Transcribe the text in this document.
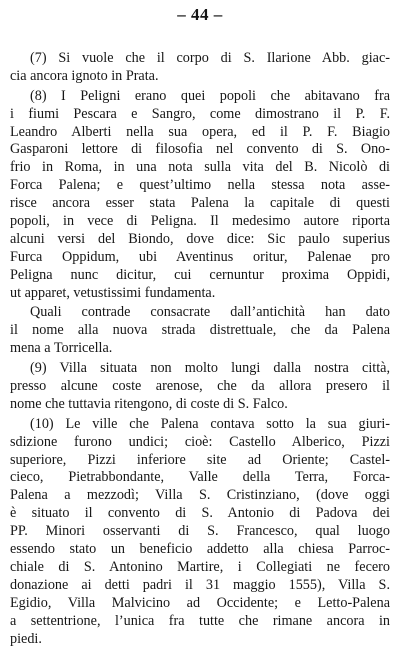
– 44 –
(7) Si vuole che il corpo di S. Ilarione Abb. giac-
cia ancora ignoto in Prata.
(8) I Peligni erano quei popoli che abitavano fra
i fiumi Pescara e Sangro, come dimostrano il P. F.
Leandro Alberti nella sua opera, ed il P. F. Biagio
Gasparoni lettore di filosofia nel convento di S. Ono-
frio in Roma, in una nota sulla vita del B. Nicolò di
Forca Palena; e quest’ultimo nella stessa nota asse-
risce ancora esser stata Palena la capitale di questi
popoli, in vece di Peligna. Il medesimo autore riporta
alcuni versi del Biondo, dove dice: Sic paulo superius
Furca Oppidum, ubi Aventinus oritur, Palenae pro
Peligna nunc dicitur, cui cernuntur proxima Oppidi,
ut apparet, vetustissimi fundamenta.
Quali contrade consacrate dall’antichità han dato
il nome alla nuova strada distrettuale, che da Palena
mena a Torricella.
(9) Villa situata non molto lungi dalla nostra città,
presso alcune coste arenose, che da allora presero il
nome che tuttavia ritengono, di coste di S. Falco.
(10) Le ville che Palena contava sotto la sua giuri-
sdizione furono undici; cioè: Castello Alberico, Pizzi
superiore, Pizzi inferiore site ad Oriente; Castel-
cieco, Pietrabbondante, Valle della Terra, Forca-
Palena a mezzodì; Villa S. Cristinziano, (dove oggi
è situato il convento di S. Antonio di Padova dei
PP. Minori osservanti di S. Francesco, qual luogo
essendo stato un beneficio addetto alla chiesa Parroc-
chiale di S. Antonino Martire, i Collegiati ne fecero
donazione ai detti padri il 31 maggio 1555), Villa S.
Egidio, Villa Malvicino ad Occidente; e Letto-Palena
a settentrione, l’unica fra tutte che rimane ancora in
piedi.
